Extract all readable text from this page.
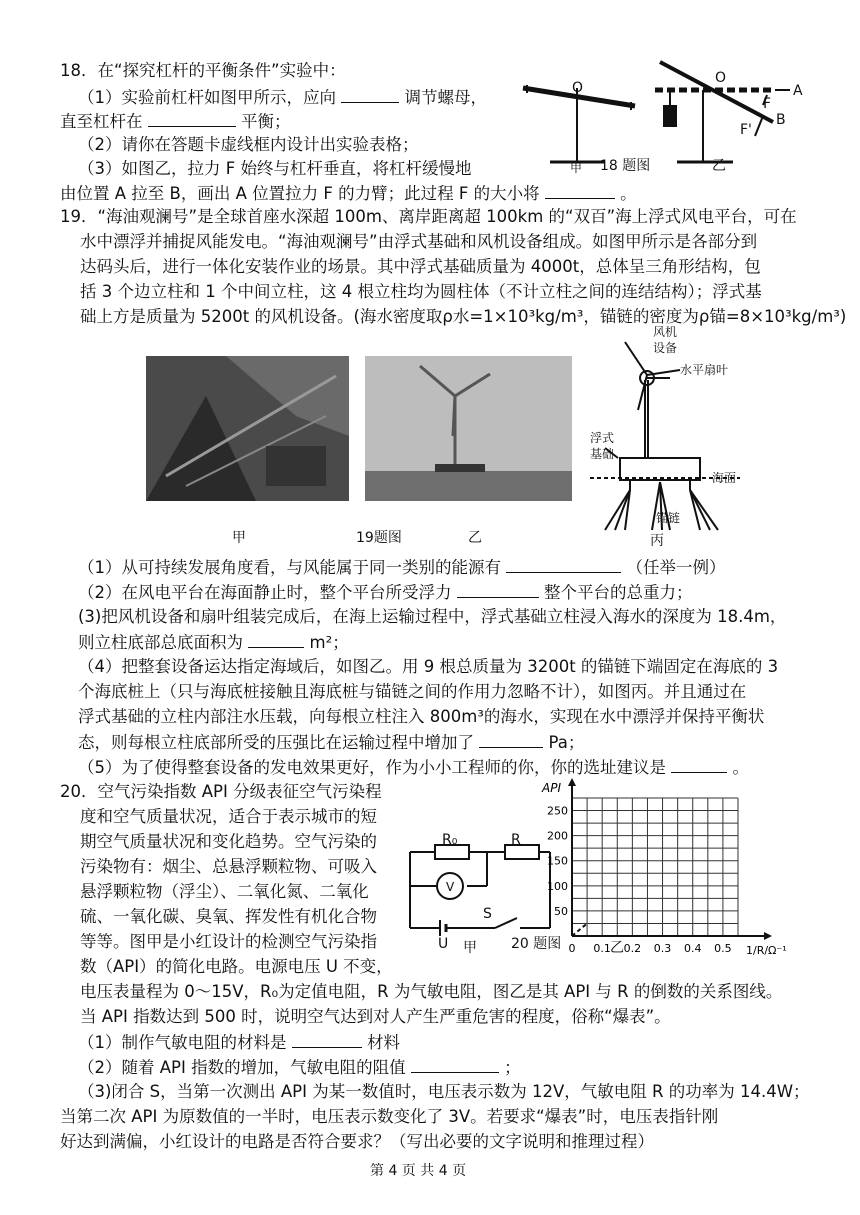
18．在“探究杠杆的平衡条件”实验中：
（1）实验前杠杆如图甲所示，应向	调节螺母，
直至杠杆在	平衡；
（2）请你在答题卡虚线框内设计出实验表格；
（3）如图乙，拉力 F 始终与杠杆垂直，将杠杆缓慢地
由位置 A 拉至 B，画出 A 位置拉力 F 的力臂；此过程 F 的大小将	。
O
O
A
B
F
F'
甲 18 题图	乙
19．“海油观澜号”是全球首座水深超 100m、离岸距离超 100km 的“双百”海上浮式风电平台，可在
水中漂浮并捕捉风能发电。“海油观澜号”由浮式基础和风机设备组成。如图甲所示是各部分到
达码头后，进行一体化安装作业的场景。其中浮式基础质量为 4000t，总体呈三角形结构，包
括 3 个边立柱和 1 个中间立柱，这 4 根立柱均为圆柱体（不计立柱之间的连结结构）；浮式基
础上方是质量为 5200t 的风机设备。(海水密度取ρ水=1×10³kg/m³，锚链的密度为ρ锚=8×10³kg/m³)
风机设备
水平扇叶
浮式基础
海面
锚链
甲	19题图	乙	丙
（1）从可持续发展角度看，与风能属于同一类别的能源有	（任举一例）
（2）在风电平台在海面静止时，整个平台所受浮力	整个平台的总重力；
(3)把风机设备和扇叶组装完成后，在海上运输过程中，浮式基础立柱浸入海水的深度为 18.4m，
则立柱底部总底面积为	m²；
（4）把整套设备运达指定海域后，如图乙。用 9 根总质量为 3200t 的锚链下端固定在海底的 3
个海底桩上（只与海底桩接触且海底桩与锚链之间的作用力忽略不计），如图丙。并且通过在
浮式基础的立柱内部注水压载，向每根立柱注入 800m³的海水，实现在水中漂浮并保持平衡状
态，则每根立柱底部所受的压强比在运输过程中增加了	Pa；
（5）为了使得整套设备的发电效果更好，作为小小工程师的你，你的选址建议是	。
20．空气污染指数 API 分级表征空气污染程
度和空气质量状况，适合于表示城市的短
期空气质量状况和变化趋势。空气污染的
污染物有：烟尘、总悬浮颗粒物、可吸入
悬浮颗粒物（浮尘）、二氧化氮、二氧化
硫、一氧化碳、臭氧、挥发性有机化合物
等等。图甲是小红设计的检测空气污染指
数（API）的简化电路。电源电压 U 不变，
电压表量程为 0～15V，R₀为定值电阻，R 为气敏电阻，图乙是其 API 与 R 的倒数的关系图线。
当 API 指数达到 500 时，说明空气达到对人产生严重危害的程度，俗称“爆表”。
R₀	R
V
S
U 甲 20 题图 0 0.1 0.2 0.3 0.4 0.5
50
100
150
200
250
API
1/R/Ω⁻¹
乙
（1）制作气敏电阻的材料是	材料
（2）随着 API 指数的增加，气敏电阻的阻值	；
（3)闭合 S，当第一次测出 API 为某一数值时，电压表示数为 12V，气敏电阻 R 的功率为 14.4W；
当第二次 API 为原数值的一半时，电压表示数变化了 3V。若要求“爆表”时，电压表指针刚
好达到满偏，小红设计的电路是否符合要求？（写出必要的文字说明和推理过程）
第 4 页 共 4 页
